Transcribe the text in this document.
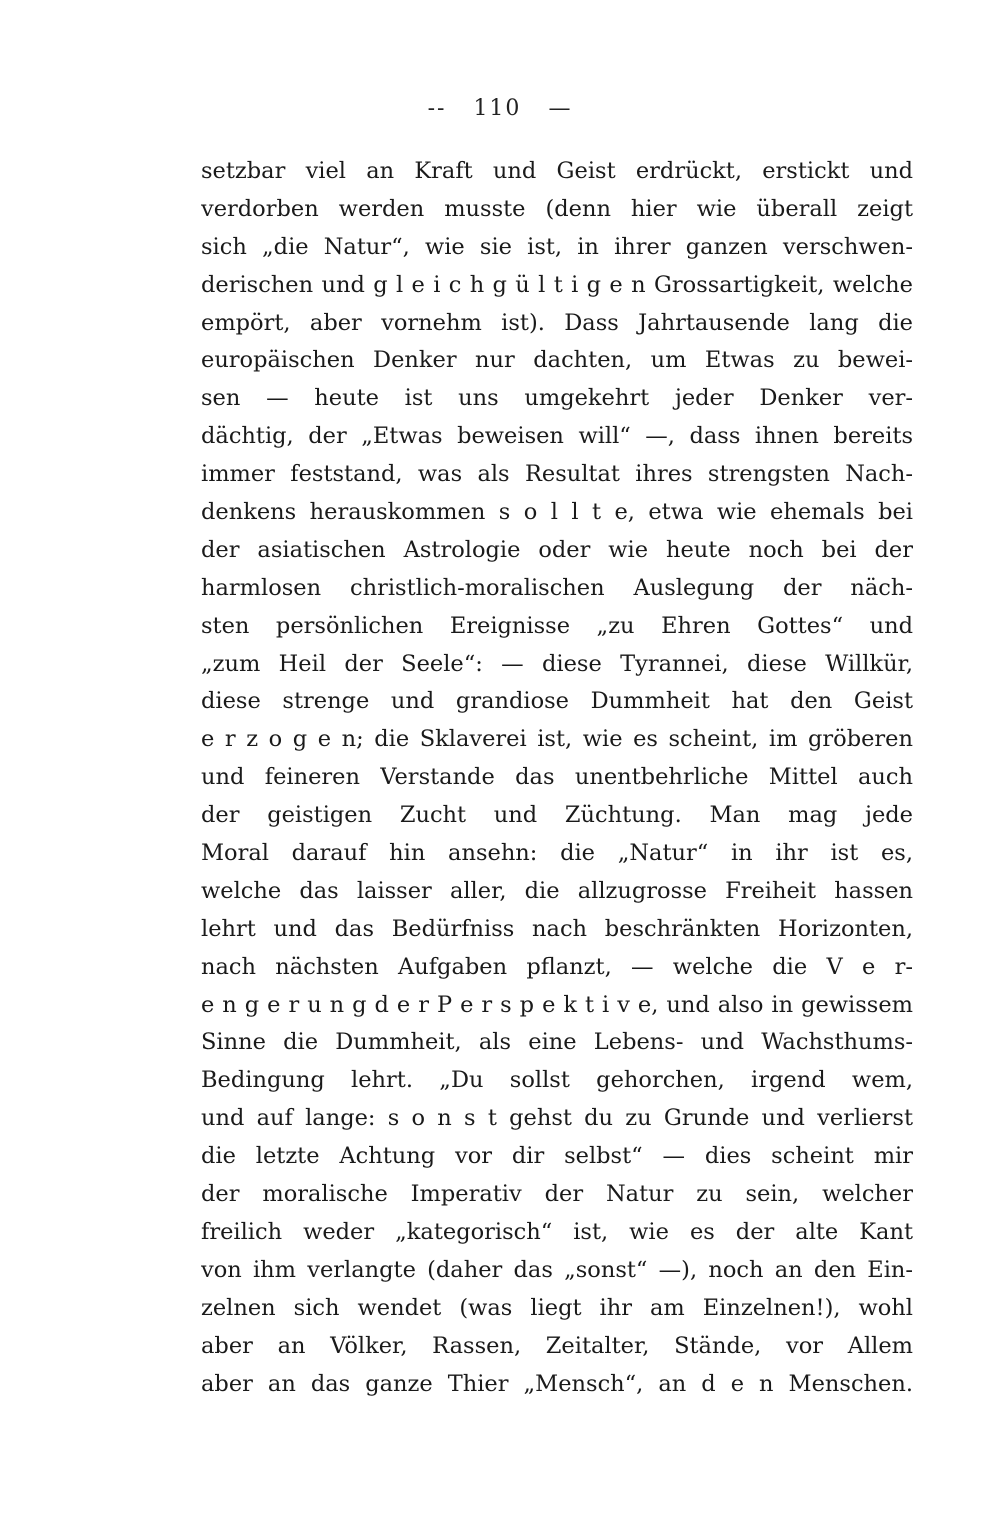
-- 110 —
setzbar viel an Kraft und Geist erdrückt, erstickt und
verdorben werden musste (denn hier wie überall zeigt
sich „die Natur“, wie sie ist, in ihrer ganzen verschwen-
derischen und g l e i c h g ü l t i g e n Grossartigkeit, welche
empört, aber vornehm ist). Dass Jahrtausende lang die
europäischen Denker nur dachten, um Etwas zu bewei-
sen — heute ist uns umgekehrt jeder Denker ver-
dächtig, der „Etwas beweisen will“ —, dass ihnen bereits
immer feststand, was als Resultat ihres strengsten Nach-
denkens herauskommen s o l l t e, etwa wie ehemals bei
der asiatischen Astrologie oder wie heute noch bei der
harmlosen christlich-moralischen Auslegung der näch-
sten persönlichen Ereignisse „zu Ehren Gottes“ und
„zum Heil der Seele“: — diese Tyrannei, diese Willkür,
diese strenge und grandiose Dummheit hat den Geist
e r z o g e n; die Sklaverei ist, wie es scheint, im gröberen
und feineren Verstande das unentbehrliche Mittel auch
der geistigen Zucht und Züchtung. Man mag jede
Moral darauf hin ansehn: die „Natur“ in ihr ist es,
welche das laisser aller, die allzugrosse Freiheit hassen
lehrt und das Bedürfniss nach beschränkten Horizonten,
nach nächsten Aufgaben pflanzt, — welche die V e r-
e n g e r u n g d e r P e r s p e k t i v e, und also in gewissem
Sinne die Dummheit, als eine Lebens- und Wachsthums-
Bedingung lehrt. „Du sollst gehorchen, irgend wem,
und auf lange: s o n s t gehst du zu Grunde und verlierst
die letzte Achtung vor dir selbst“ — dies scheint mir
der moralische Imperativ der Natur zu sein, welcher
freilich weder „kategorisch“ ist, wie es der alte Kant
von ihm verlangte (daher das „sonst“ —), noch an den Ein-
zelnen sich wendet (was liegt ihr am Einzelnen!), wohl
aber an Völker, Rassen, Zeitalter, Stände, vor Allem
aber an das ganze Thier „Mensch“, an d e n Menschen.
